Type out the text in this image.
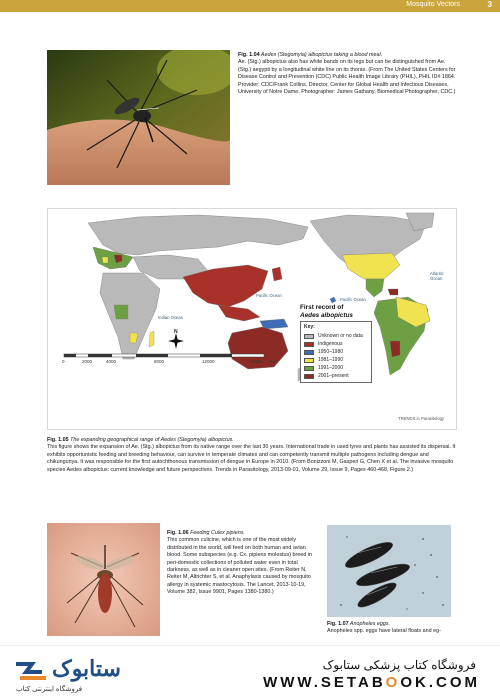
Mosquito Vectors	3
Fig. 1.04 Aedes (Stegomyia) albopictus taking a blood meal.
Ae. (Stg.) albopictus also has white bands on its legs but can be distinguished from Ae. (Stg.) aegypti by a longitudinal white line on its thorax. (From The United States Centers for Disease Control and Prevention (CDC) Public Health Image Library (PHIL), PHIL ID# 1864. Provider: CDC/Frank Collins, Director, Center for Global Health and Infectious Diseases, University of Notre Dame. Photographer: James Gathany, Biomedical Photographer, CDC.)
N
0	2000	4000	8000	12000	16000 Km
Indian Ocean
Pacific Ocean
Pacific Ocean
Atlantic Ocean
First record of
Aedes albopictus
Key:
Unknown or no data
Indigenous
1950–1980
1981–1990
1991–2000
2001–present
TRENDS in Parasitology
Fig. 1.05 The expanding geographical range of Aedes (Stegomyia) albopictus.
This figure shows the expansion of Ae. (Stg.) albopictus from its native range over the last 30 years. International trade in used tyres and plants has assisted its dispersal. It exhibits opportunistic feeding and breeding behaviour, can survive in temperate climates and can competently transmit multiple pathogens including dengue and chikungunya. It was responsible for the first autochthonous transmission of dengue in Europe in 2010. (From Bonizzoni M, Gasperi G, Chen X et al. The invasive mosquito species Aedes albopictus: current knowledge and future perspectives. Trends in Parasitology, 2013-09-01, Volume 29, Issue 9, Pages 460-468, Figure 2.)
Fig. 1.06 Feeding Culex pipiens.
This common culicine, which is one of the most widely distributed in the world, will feed on both human and avian blood. Some subspecies (e.g. Cx. pipiens molestus) breed in peri-domestic collections of polluted water even in total darkness, as well as in cleaner open sites. (From Reiter N, Reiter M, Altrichter S, et al. Anaphylaxis caused by mosquito allergy in systemic mastocytosis. The Lancet, 2013-10-19, Volume 382, Issue 9901, Pages 1380-1380.)
Fig. 1.07 Anopheles eggs.
Anopheles spp. eggs have lateral floats and eg-
ستابوک
فروشگاه اینترنتی کتاب
فروشگاه کتاب پزشکی ستابوک
WWW.SETABOOK.COM
